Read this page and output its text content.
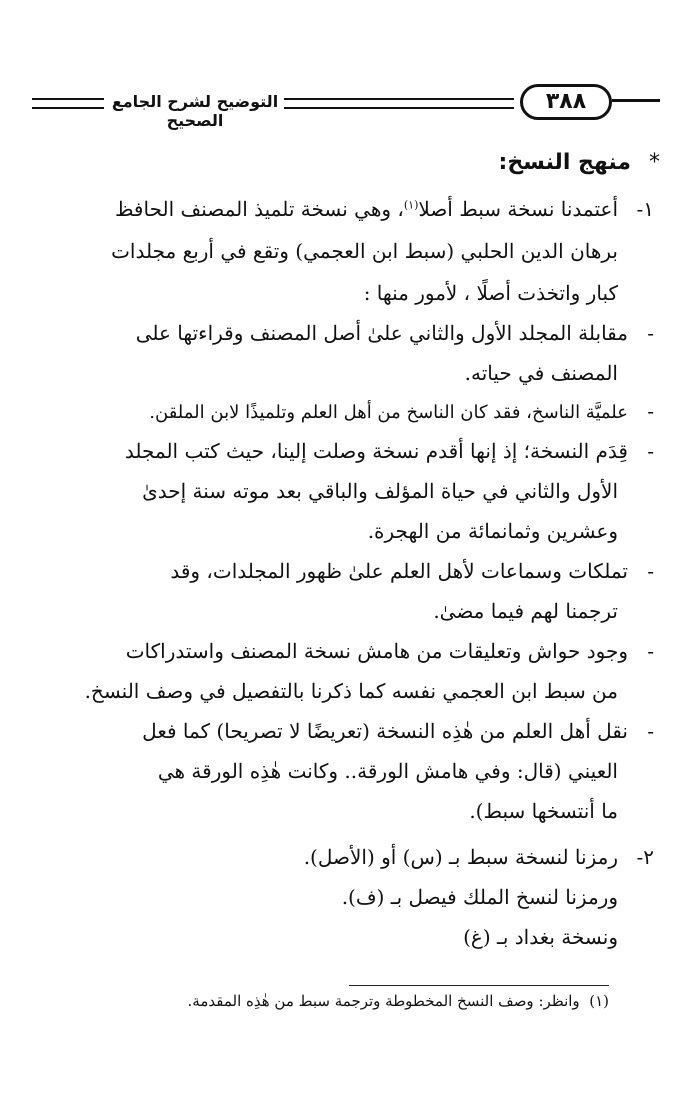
التوضيح لشرح الجامع الصحيح
٣٨٨
*منهج النسخ:
١-أعتمدنا نسخة سبط أصلا$^{(١)}$، وهي نسخة تلميذ المصنف الحافظ
برهان الدين الحلبي (سبط ابن العجمي) وتقع في أربع مجلدات
كبار واتخذت أصلًا ، لأمور منها :
-مقابلة المجلد الأول والثاني علىٰ أصل المصنف وقراءتها على
المصنف في حياته.
-علميَّة الناسخ، فقد كان الناسخ من أهل العلم وتلميذًا لابن الملقن.
-قِدَم النسخة؛ إذ إنها أقدم نسخة وصلت إلينا، حيث كتب المجلد
الأول والثاني في حياة المؤلف والباقي بعد موته سنة إحدىٰ
وعشرين وثمانمائة من الهجرة.
-تملكات وسماعات لأهل العلم علىٰ ظهور المجلدات، وقد
ترجمنا لهم فيما مضىٰ.
-وجود حواش وتعليقات من هامش نسخة المصنف واستدراكات
من سبط ابن العجمي نفسه كما ذكرنا بالتفصيل في وصف النسخ.
-نقل أهل العلم من هٰذِه النسخة (تعريضًا لا تصريحا) كما فعل
العيني (قال: وفي هامش الورقة.. وكانت هٰذِه الورقة هي
ما أنتسخها سبط).
٢-رمزنا لنسخة سبط بـ (س) أو (الأصل).
ورمزنا لنسخ الملك فيصل بـ (ف).
ونسخة بغداد بـ (غ)
(١)  وانظر: وصف النسخ المخطوطة وترجمة سبط من هٰذِه المقدمة.
